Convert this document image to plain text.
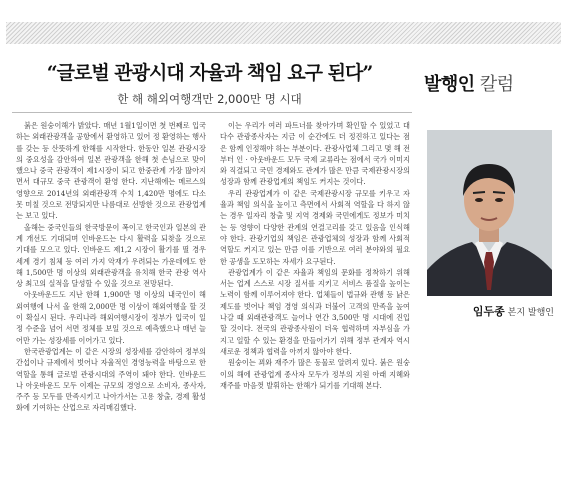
“글로벌 관광시대 자율과 책임 요구 된다”
한 해 해외여행객만 2,000만 명 시대
발행인 칼럼

붉은 원숭이해가 밝았다. 매년 1월1일이면 첫 번째로 입국하는 외래관광객을 공항에서 환영하고 있어 정 환영하는 행사를 갖는 등 산뜻하게 한해를 시작한다. 한동안 일본 관광시장의 중요성을 감안하여 일본 관광객을 한해 첫 손님으로 맞이했으나 중국 관광객이 제1시장이 되고 한중관계 가장 많아지면서 대규모 중국 관광객이 환영 한다. 지난해에는 메르스의 영향으로 2014년의 외래관광객 수치 1,420만 명에도 다소 못 미칠 것으로 전망되지만 나름대로 선방한 것으로 관광업계는 보고 있다.

올해는 중국인들의 한국방문이 폭이고 한국인과 일본의 관계 개선도 기대되며 인바운드는 다시 활력을 되찾을 것으로 기대를 모으고 있다. 인바운드 제1,2 시장이 활기를 띨 경우 세계 경기 침체 등 여러 가지 악재가 우려되는 가운데에도 한 해 1,500만 명 이상의 외래관광객을 유치해 한국 관광 역사상 최고의 실적을 달성할 수 있을 것으로 전망된다.

아웃바운드도 지난 한해 1,900만 명 이상의 내국인이 해외여행에 나서 올 한해 2,000만 명 이상이 해외여행을 할 것이 확실시 된다. 우리나라 해외여행시장이 정부가 입국이 일정 수준을 넘어 서면 정체를 보일 것으로 예측했으나 매년 늘어만 가는 성장세를 이어가고 있다.

한국관광업계는 이 같은 시장의 성장세를 감안하여 정부의 간섭이나 규제에서 벗어나 자율적인 경영능력을 바탕으로 한 역할을 통해 글로벌 관광시대의 주역이 돼야 한다. 인바운드나 아웃바운드 모두 이제는 규모의 경영으로 소비자, 종사자, 주주 등 모두를 만족시키고 나아가서는 고용 창출, 경제 활성화에 기여하는 산업으로 자리매김했다.

이는 우리가 여러 파트너를 찾아가며 확인할 수 있었고 대다수 관광종사자는 지금 이 순간에도 더 정진하고 있다는 점은 함께 인정해야 하는 부분이다. 관광사업체 그리고 몇 해 전부터 인 · 아웃바운드 모두 국제 교류라는 점에서 국가 이미지와 직결되고 국민 경제와도 관계가 많은 만큼 국제관광시장의 성장과 함께 관광업계의 책임도 커지는 것이다.

우리 관광업계가 이 같은 국제관광시장 규모를 키우고 자율과 책임 의식을 높이고 측면에서 사회적 역할을 다 하지 않는 경우 일자리 창출 및 지역 경제와 국민에게도 정보가 미치는 등 영향이 다양한 관계의 연결고리를 갖고 있음을 인식해야 한다. 관광기업의 책임은 관광업체의 성장과 함께 사회적 역할도 커지고 있는 만큼 이를 기반으로 여러 분야와의 필요한 공생을 도모하는 자세가 요구된다.

관광업계가 이 같은 자율과 책임의 문화를 정착하기 위해서는 업계 스스로 시장 질서를 지키고 서비스 품질을 높이는 노력이 함께 이루어져야 한다. 업체들이 법규와 관행 등 낡은 제도를 벗어나 책임 경영 의식과 더불어 고객의 만족을 높여 나갈 때 외래관광객도 늘어나 연간 3,500만 명 시대에 진입할 것이다. 전국의 관광종사원이 더욱 협력하며 자부심을 가지고 일할 수 있는 환경을 만들어가기 위해 정부 관계자 역시 새로운 정책과 협력을 아끼지 않아야 한다.

원숭이는 꾀와 재주가 많은 동물로 알려져 있다. 붉은 원숭이의 해에 관광업계 종사자 모두가 정부의 지원 아래 지혜와 재주를 마음껏 발휘하는 한해가 되기를 기대해 본다.

임두종 본지 발행인
